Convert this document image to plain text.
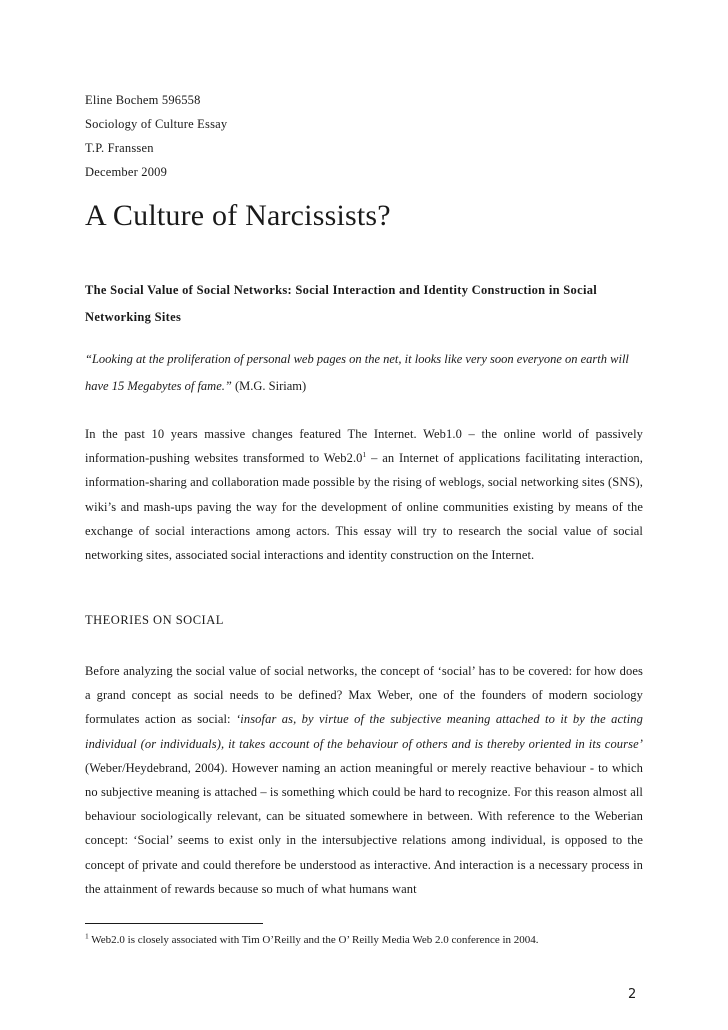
Eline Bochem 596558
Sociology of Culture Essay
T.P. Franssen
December 2009
A Culture of Narcissists?

The Social Value of Social Networks: Social Interaction and Identity Construction in Social Networking Sites

“Looking at the proliferation of personal web pages on the net, it looks like very soon everyone on earth will have 15 Megabytes of fame.” (M.G. Siriam)

In the past 10 years massive changes featured The Internet. Web1.0 – the online world of passively information-pushing websites transformed to $Web2.0^1$ – an Internet of applications facilitating interaction, information-sharing and collaboration made possible by the rising of weblogs, social networking sites (SNS), wiki’s and mash-ups paving the way for the development of online communities existing by means of the exchange of social interactions among actors. This essay will try to research the social value of social networking sites, associated social interactions and identity construction on the Internet.

THEORIES ON SOCIAL

Before analyzing the social value of social networks, the concept of ‘social’ has to be covered: for how does a grand concept as social needs to be defined? Max Weber, one of the founders of modern sociology formulates action as social: ‘insofar as, by virtue of the subjective meaning attached to it by the acting individual (or individuals), it takes account of the behaviour of others and is thereby oriented in its course’ (Weber/Heydebrand, 2004). However naming an action meaningful or merely reactive behaviour - to which no subjective meaning is attached – is something which could be hard to recognize. For this reason almost all behaviour sociologically relevant, can be situated somewhere in between. With reference to the Weberian concept: ‘Social’ seems to exist only in the intersubjective relations among individual, is opposed to the concept of private and could therefore be understood as interactive. And interaction is a necessary process in the attainment of rewards because so much of what humans want

$^1$ Web2.0 is closely associated with Tim O’Reilly and the O’ Reilly Media Web 2.0 conference in 2004.

2
